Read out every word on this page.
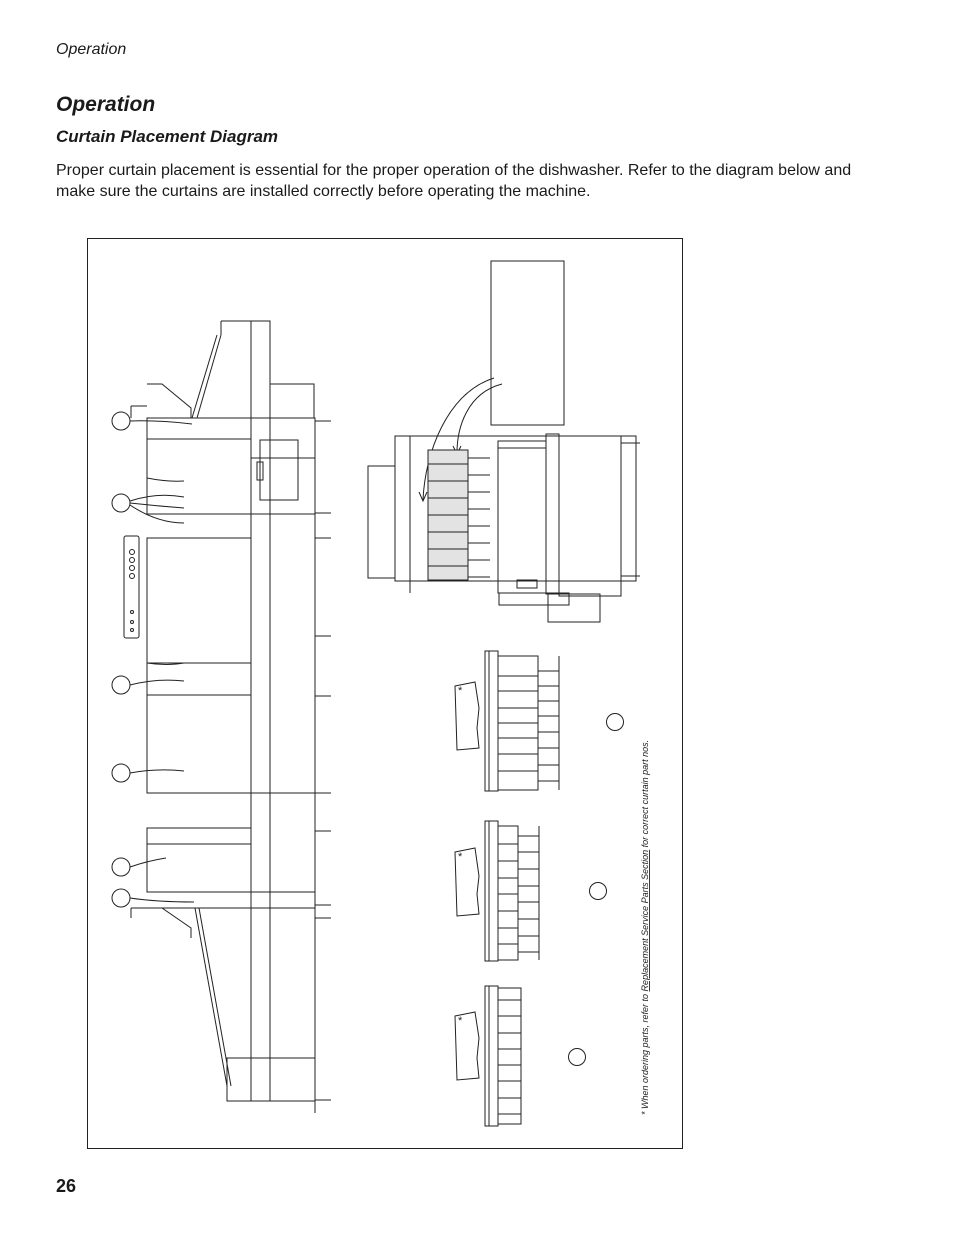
Operation
Operation
Curtain Placement Diagram

Proper curtain placement is essential for the proper operation of the dishwasher. Refer to the diagram below and make sure the curtains are installed correctly before operating the machine.

*
*
*	* When ordering parts, refer to Replacement Service Parts Section for correct curtain part nos.
26
